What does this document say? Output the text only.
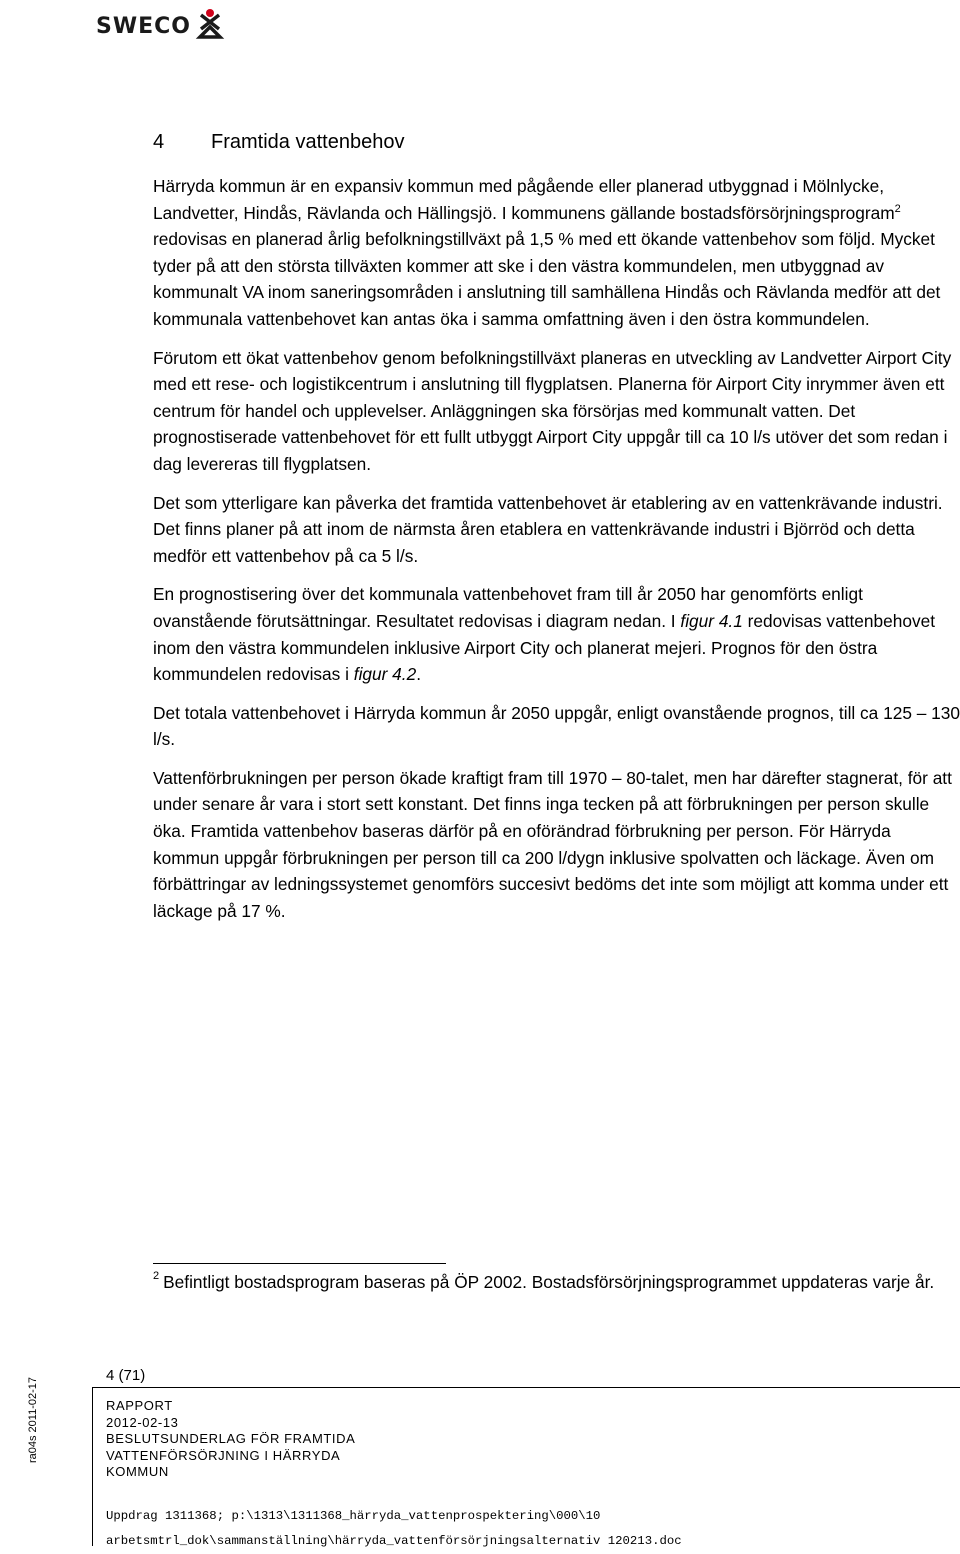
SWECO
4 Framtida vattenbehov

Härryda kommun är en expansiv kommun med pågående eller planerad utbyggnad i Mölnlycke, Landvetter, Hindås, Rävlanda och Hällingsjö. I kommunens gällande bostadsförsörjningsprogram$^2$ redovisas en planerad årlig befolkningstillväxt på 1,5 % med ett ökande vattenbehov som följd. Mycket tyder på att den största tillväxten kommer att ske i den västra kommundelen, men utbyggnad av kommunalt VA inom saneringsområden i anslutning till samhällena Hindås och Rävlanda medför att det kommunala vattenbehovet kan antas öka i samma omfattning även i den östra kommundelen.

Förutom ett ökat vattenbehov genom befolkningstillväxt planeras en utveckling av Landvetter Airport City med ett rese- och logistikcentrum i anslutning till flygplatsen. Planerna för Airport City inrymmer även ett centrum för handel och upplevelser. Anläggningen ska försörjas med kommunalt vatten. Det prognostiserade vattenbehovet för ett fullt utbyggt Airport City uppgår till ca 10 l/s utöver det som redan i dag levereras till flygplatsen.

Det som ytterligare kan påverka det framtida vattenbehovet är etablering av en vattenkrävande industri. Det finns planer på att inom de närmsta åren etablera en vattenkrävande industri i Björröd och detta medför ett vattenbehov på ca 5 l/s.

En prognostisering över det kommunala vattenbehovet fram till år 2050 har genomförts enligt ovanstående förutsättningar. Resultatet redovisas i diagram nedan. I figur 4.1 redovisas vattenbehovet inom den västra kommundelen inklusive Airport City och planerat mejeri. Prognos för den östra kommundelen redovisas i figur 4.2.

Det totala vattenbehovet i Härryda kommun år 2050 uppgår, enligt ovanstående prognos, till ca 125 – 130 l/s.

Vattenförbrukningen per person ökade kraftigt fram till 1970 – 80-talet, men har därefter stagnerat, för att under senare år vara i stort sett konstant. Det finns inga tecken på att förbrukningen per person skulle öka. Framtida vattenbehov baseras därför på en oförändrad förbrukning per person. För Härryda kommun uppgår förbrukningen per person till ca 200 l/dygn inklusive spolvatten och läckage. Även om förbättringar av ledningssystemet genomförs succesivt bedöms det inte som möjligt att komma under ett läckage på 17 %.

$^2$ Befintligt bostadsprogram baseras på ÖP 2002. Bostadsförsörjningsprogrammet uppdateras varje år.
4 (71)
ra04s 2011-02-17	RAPPORT
2012-02-13
BESLUTSUNDERLAG FÖR FRAMTIDA
VATTENFÖRSÖRJNING I HÄRRYDA
KOMMUN
Uppdrag 1311368; p:\1313\1311368_härryda_vattenprospektering\000\10
arbetsmtrl_dok\sammanställning\härryda_vattenförsörjningsalternativ 120213.doc
